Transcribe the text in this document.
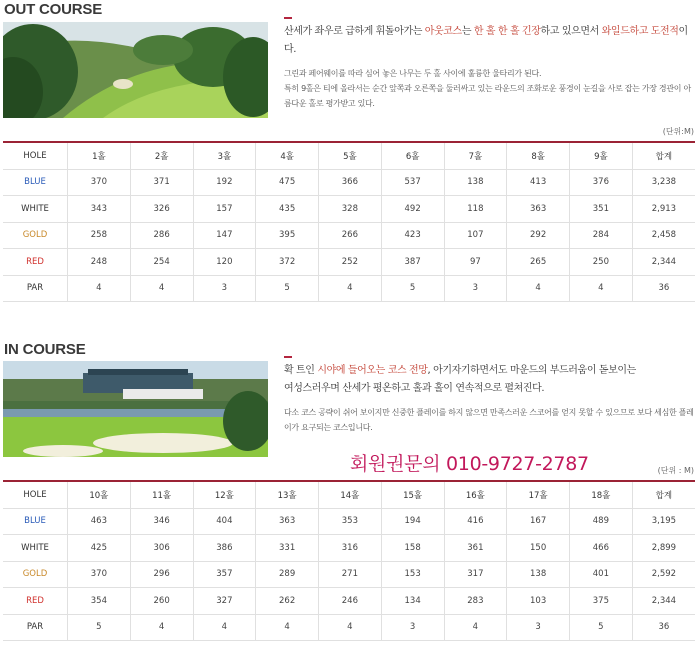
OUT COURSE
산세가 좌우로 급하게 휘돌아가는 아웃코스는 한 홀 한 홀 긴장하고 있으면서 와일드하고 도전적이다.
그린과 페어웨이를 따라 심어 놓은 나무는 두 홀 사이에 훌륭한 울타리가 된다.
특히 9홀은 티에 올라서는 순간 앞쪽과 오른쪽을 둘러싸고 있는 라운드의 조화로운 풍경이 눈길을 사로 잡는 가장 경관이 아름다운 홀로 평가받고 있다.
(단위:M)
HOLE	1홀	2홀	3홀	4홀	5홀	6홀	7홀	8홀	9홀	합계
BLUE	370	371	192	475	366	537	138	413	376	3,238
WHITE	343	326	157	435	328	492	118	363	351	2,913
GOLD	258	286	147	395	266	423	107	292	284	2,458
RED	248	254	120	372	252	387	97	265	250	2,344
PAR	4	4	3	5	4	5	3	4	4	36
IN COURSE
확 트인 시야에 들어오는 코스 전망, 아기자기하면서도 마운드의 부드러움이 돋보이는
여성스러우며 산세가 평온하고 홀과 홀이 연속적으로 펼쳐진다.
다소 코스 공략이 쉬어 보이지만 신중한 플레이를 하지 않으면 만족스러운 스코어를 얻지 못할 수 있으므로 보다 세심한 플레이가 요구되는 코스입니다.
회원권문의 010-9727-2787	(단위 : M)
HOLE	10홀	11홀	12홀	13홀	14홀	15홀	16홀	17홀	18홀	합계
BLUE	463	346	404	363	353	194	416	167	489	3,195
WHITE	425	306	386	331	316	158	361	150	466	2,899
GOLD	370	296	357	289	271	153	317	138	401	2,592
RED	354	260	327	262	246	134	283	103	375	2,344
PAR	5	4	4	4	4	3	4	3	5	36
